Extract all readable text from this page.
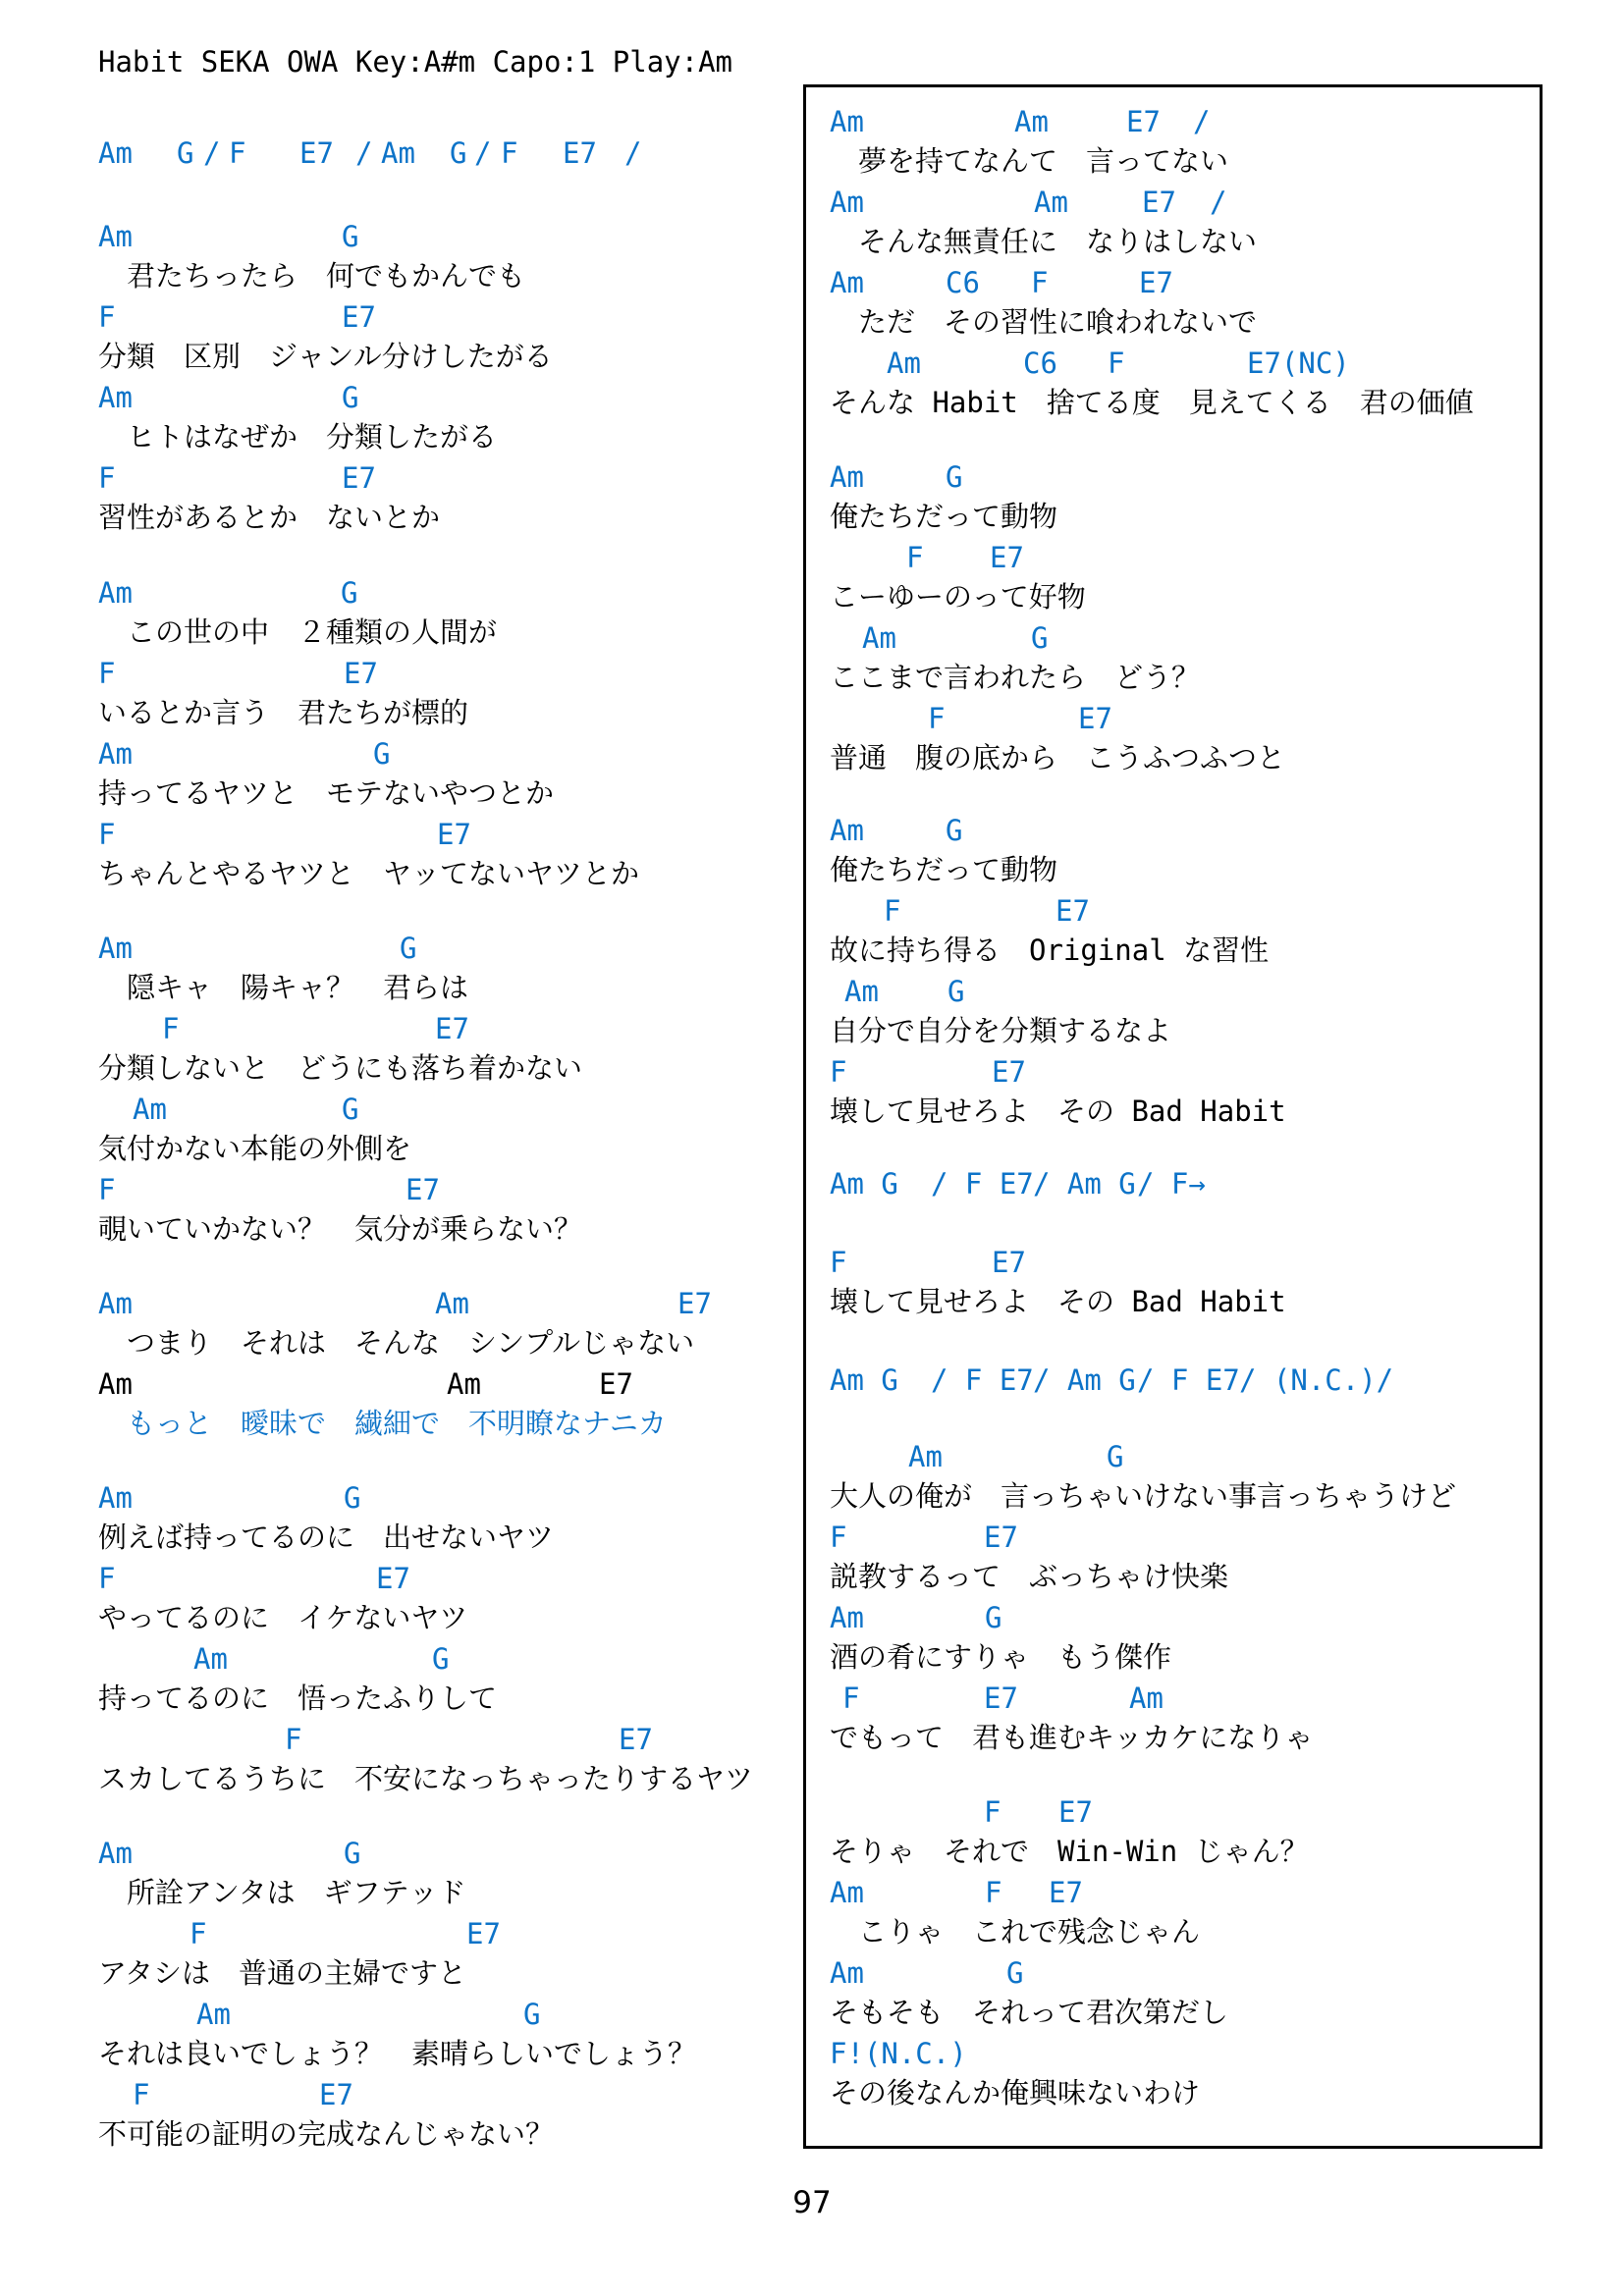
Habit SEKA OWA Key:A#m Capo:1 Play:Am
Am G / F E7 / Am G / F E7 /
Am	G
　君たちったら　何でもかんでも
F	E7
分類　区別　ジャンル分けしたがる
Am	G
　ヒトはなぜか　分類したがる
F	E7
習性があるとか　ないとか
Am	G
　この世の中　２種類の人間が
F	E7
いるとか言う　君たちが標的
Am	G
持ってるヤツと　モテないやつとか
F	E7
ちゃんとやるヤツと　ヤッてないヤツとか
Am	G
　隠キャ　陽キャ？　君らは
F	E7
分類しないと　どうにも落ち着かない
Am	G
気付かない本能の外側を
F	E7
覗いていかない？　気分が乗らない？
Am	Am	E7
　つまり　それは　そんな　シンプルじゃない
Am	Am	E7
　もっと　曖昧で　繊細で　不明瞭なナニカ
Am	G
例えば持ってるのに　出せないヤツ
F	E7
やってるのに　イケないヤツ
Am	G
持ってるのに　悟ったふりして
F	E7
スカしてるうちに　不安になっちゃったりするヤツ
Am	G
　所詮アンタは　ギフテッド
F	E7
アタシは　普通の主婦ですと
Am	G
それは良いでしょう？　素晴らしいでしょう？
F	E7
不可能の証明の完成なんじゃない？
Am	Am	E7 /
　夢を持てなんて　言ってない
Am	Am	E7 /
　そんな無責任に　なりはしない
Am	C6 F	E7
　ただ　その習性に喰われないで
Am	C6 F	E7(NC)
そんな Habit　捨てる度　見えてくる　君の価値
Am	G
俺たちだって動物
F E7
こーゆーのって好物
Am	G
ここまで言われたら　どう？
F	E7
普通　腹の底から　こうふつふつと
Am	G
俺たちだって動物
F	E7
故に持ち得る　Original な習性
Am G
自分で自分を分類するなよ
F	E7
壊して見せろよ　その Bad Habit
Am G / F E7 / Am G / F→
F	E7
壊して見せろよ　その Bad Habit
Am G / F E7 / Am G / F E7 / (N.C.)/
Am	G
大人の俺が　言っちゃいけない事言っちゃうけど
F	E7
説教するって　ぶっちゃけ快楽
Am	G
酒の肴にすりゃ　もう傑作
F	E7	Am
でもって　君も進むキッカケになりゃ
F E7
そりゃ　それで　Win-Win じゃん？
Am	F E7
　こりゃ　これで残念じゃん
Am	G
そもそも　それって君次第だし
F!(N.C.)
その後なんか俺興味ないわけ
97
